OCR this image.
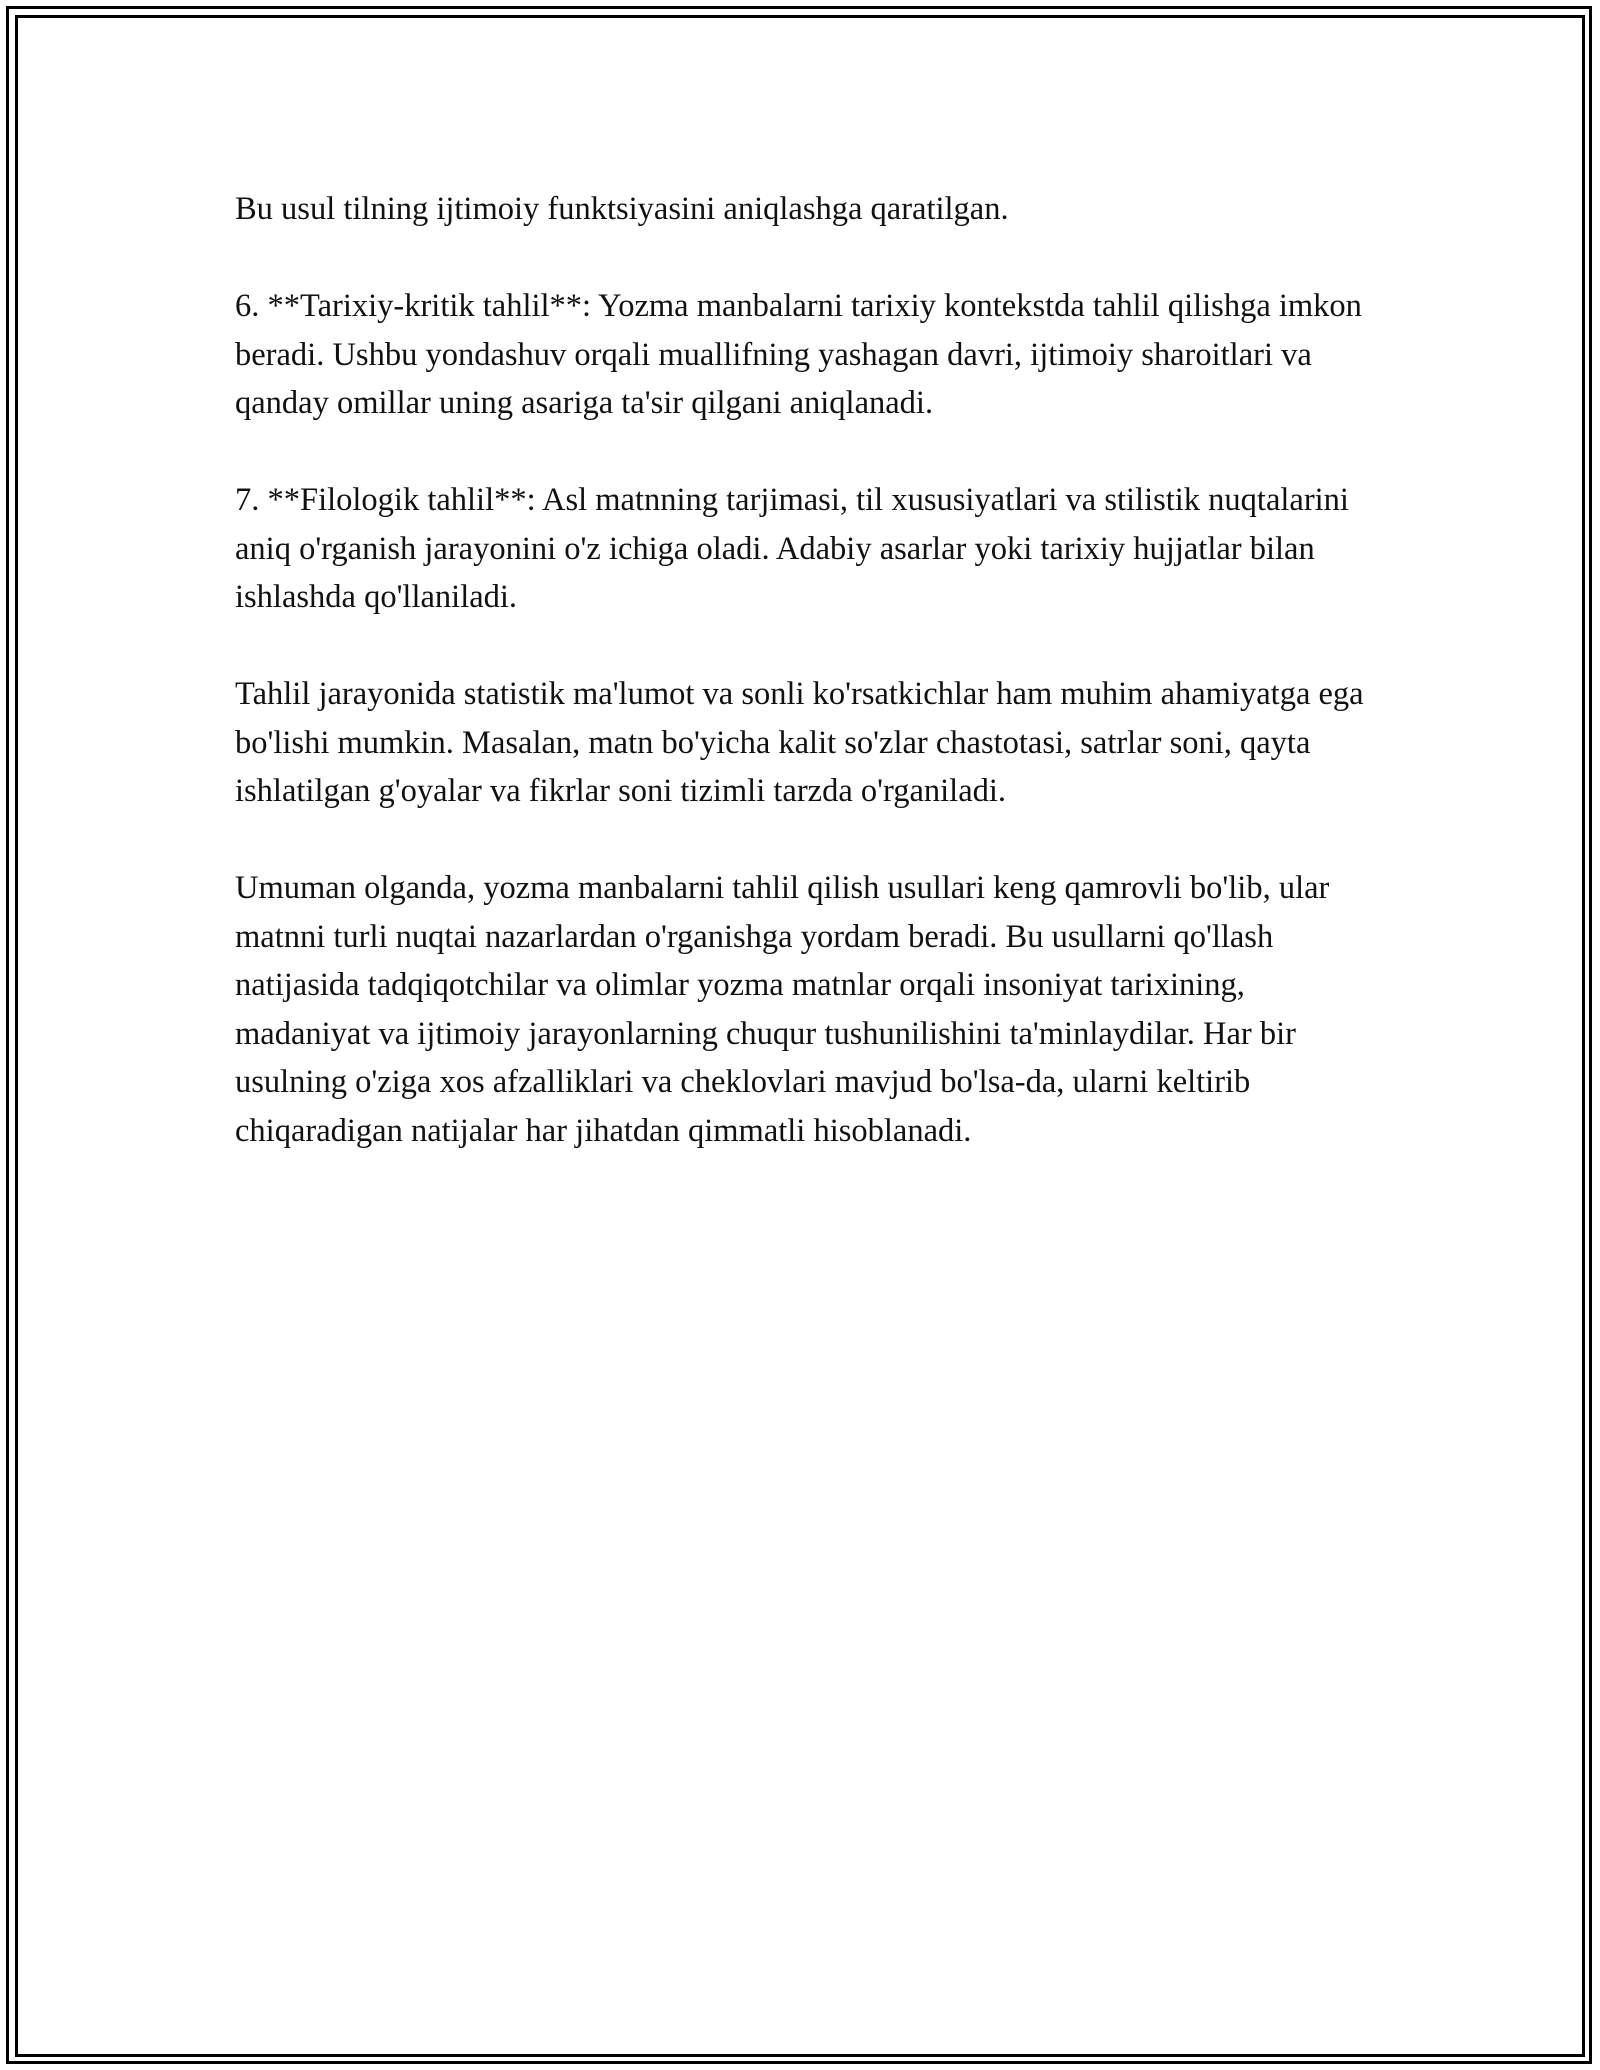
Bu usul tilning ijtimoiy funktsiyasini aniqlashga qaratilgan.

6. **Tarixiy-kritik tahlil**: Yozma manbalarni tarixiy kontekstda tahlil qilishga imkon beradi. Ushbu yondashuv orqali muallifning yashagan davri, ijtimoiy sharoitlari va qanday omillar uning asariga ta'sir qilgani aniqlanadi.

7. **Filologik tahlil**: Asl matnning tarjimasi, til xususiyatlari va stilistik nuqtalarini aniq o'rganish jarayonini o'z ichiga oladi. Adabiy asarlar yoki tarixiy hujjatlar bilan ishlashda qo'llaniladi.

Tahlil jarayonida statistik ma'lumot va sonli ko'rsatkichlar ham muhim ahamiyatga ega bo'lishi mumkin. Masalan, matn bo'yicha kalit so'zlar chastotasi, satrlar soni, qayta ishlatilgan g'oyalar va fikrlar soni tizimli tarzda o'rganiladi.

Umuman olganda, yozma manbalarni tahlil qilish usullari keng qamrovli bo'lib, ular matnni turli nuqtai nazarlardan o'rganishga yordam beradi. Bu usullarni qo'llash natijasida tadqiqotchilar va olimlar yozma matnlar orqali insoniyat tarixining, madaniyat va ijtimoiy jarayonlarning chuqur tushunilishini ta'minlaydilar. Har bir usulning o'ziga xos afzalliklari va cheklovlari mavjud bo'lsa-da, ularni keltirib chiqaradigan natijalar har jihatdan qimmatli hisoblanadi.
